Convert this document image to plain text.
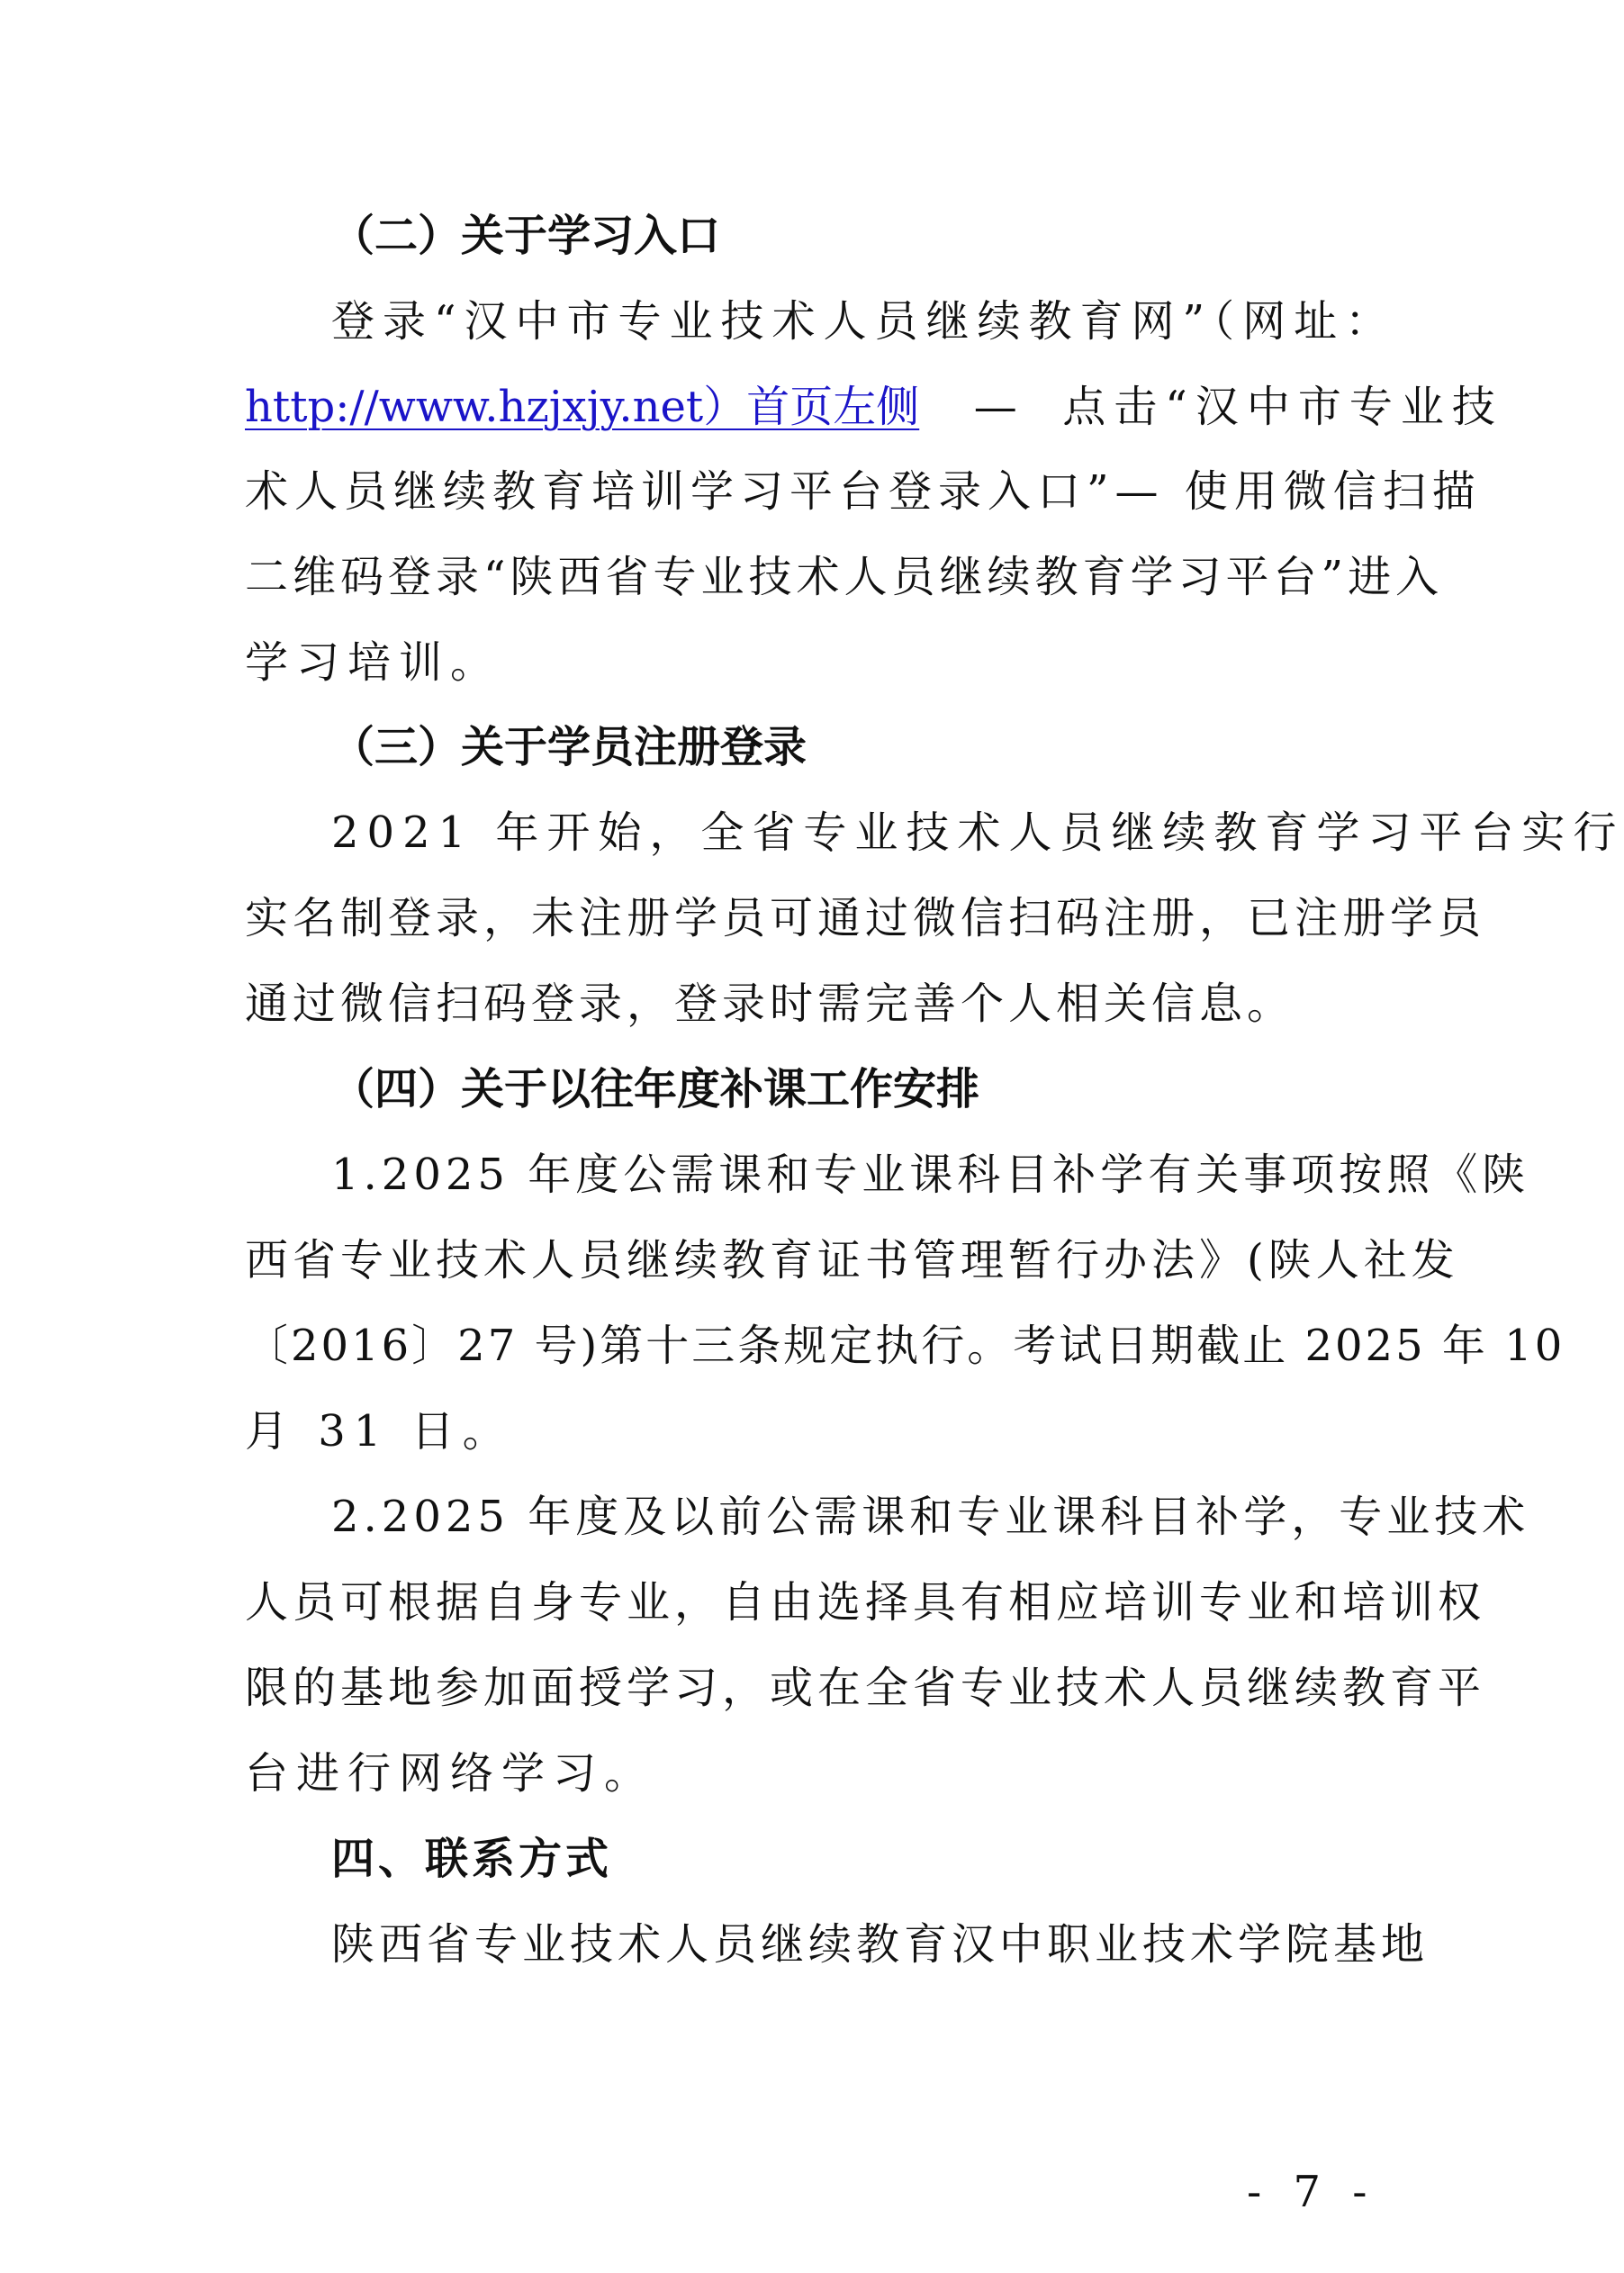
（二）关于学习入口
登录“汉中市专业技术人员继续教育网”（网址：
http://www.hzjxjy.net）首页左侧 — 点击“汉中市专业技
术人员继续教育培训学习平台登录入口”— 使用微信扫描
二维码登录“陕西省专业技术人员继续教育学习平台”进入
学习培训。
（三）关于学员注册登录
2021 年开始，全省专业技术人员继续教育学习平台实行
实名制登录，未注册学员可通过微信扫码注册，已注册学员
通过微信扫码登录，登录时需完善个人相关信息。
（四）关于以往年度补课工作安排
1.2025 年度公需课和专业课科目补学有关事项按照《陕
西省专业技术人员继续教育证书管理暂行办法》(陕人社发
〔2016〕27 号)第十三条规定执行。考试日期截止 2025 年 10
月 31 日。
2.2025 年度及以前公需课和专业课科目补学，专业技术
人员可根据自身专业，自由选择具有相应培训专业和培训权
限的基地参加面授学习，或在全省专业技术人员继续教育平
台进行网络学习。
四、联系方式
陕西省专业技术人员继续教育汉中职业技术学院基地
- 7 -
